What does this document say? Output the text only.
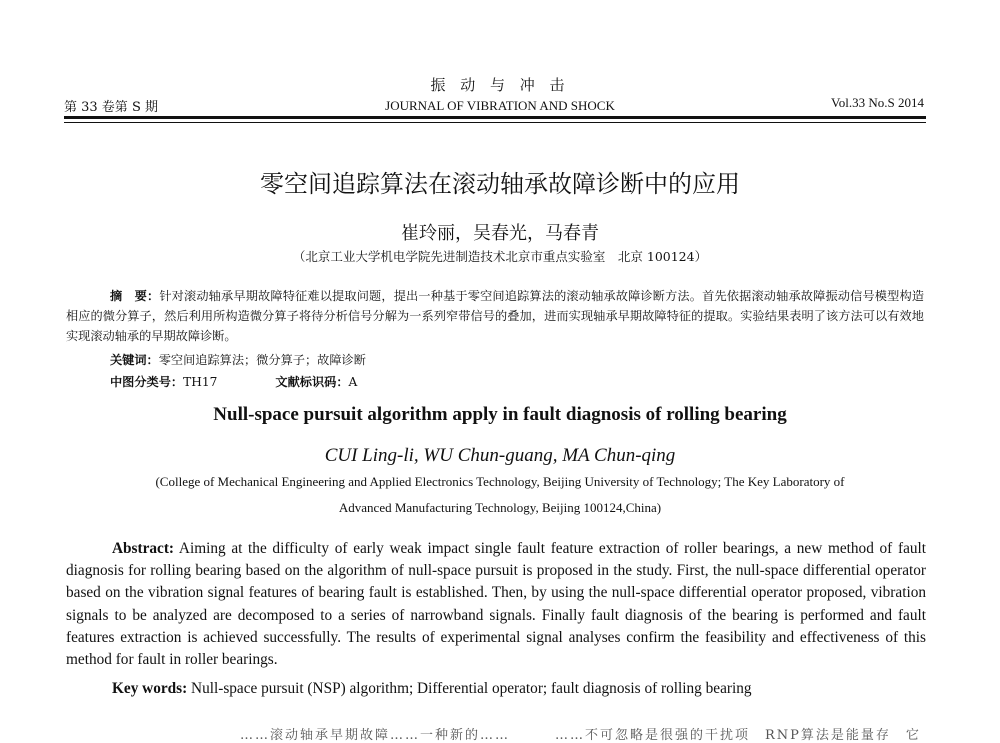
振 动 与 冲 击
第 33 卷第 S 期	JOURNAL OF VIBRATION AND SHOCK	Vol.33 No.S 2014
零空间追踪算法在滚动轴承故障诊断中的应用
崔玲丽，吴春光，马春青
（北京工业大学机电学院先进制造技术北京市重点实验室　北京 100124）
摘　要：针对滚动轴承早期故障特征难以提取问题，提出一种基于零空间追踪算法的滚动轴承故障诊断方法。首先依据滚动轴承故障振动信号模型构造相应的微分算子，然后利用所构造微分算子将待分析信号分解为一系列窄带信号的叠加，进而实现轴承早期故障特征的提取。实验结果表明了该方法可以有效地实现滚动轴承的早期故障诊断。
关键词：零空间追踪算法；微分算子；故障诊断
中图分类号：TH17	文献标识码：A
Null-space pursuit algorithm apply in fault diagnosis of rolling bearing
CUI Ling-li, WU Chun-guang, MA Chun-qing
(College of Mechanical Engineering and Applied Electronics Technology, Beijing University of Technology; The Key Laboratory of
Advanced Manufacturing Technology, Beijing 100124,China)
Abstract: Aiming at the difficulty of early weak impact single fault feature extraction of roller bearings, a new method of fault diagnosis for rolling bearing based on the algorithm of null-space pursuit is proposed in the study. First, the null-space differential operator based on the vibration signal features of bearing fault is established. Then, by using the null-space differential operator proposed, vibration signals to be analyzed are decomposed to a series of narrowband signals. Finally fault diagnosis of the bearing is performed and fault features extraction is achieved successfully. The results of experimental signal analyses confirm the feasibility and effectiveness of this method for fault in roller bearings.
Key words: Null-space pursuit (NSP) algorithm; Differential operator; fault diagnosis of rolling bearing
……滚动轴承早期故障……一种新的……　　　……不可忽略是很强的干扰项　RNP算法是能量存　它
